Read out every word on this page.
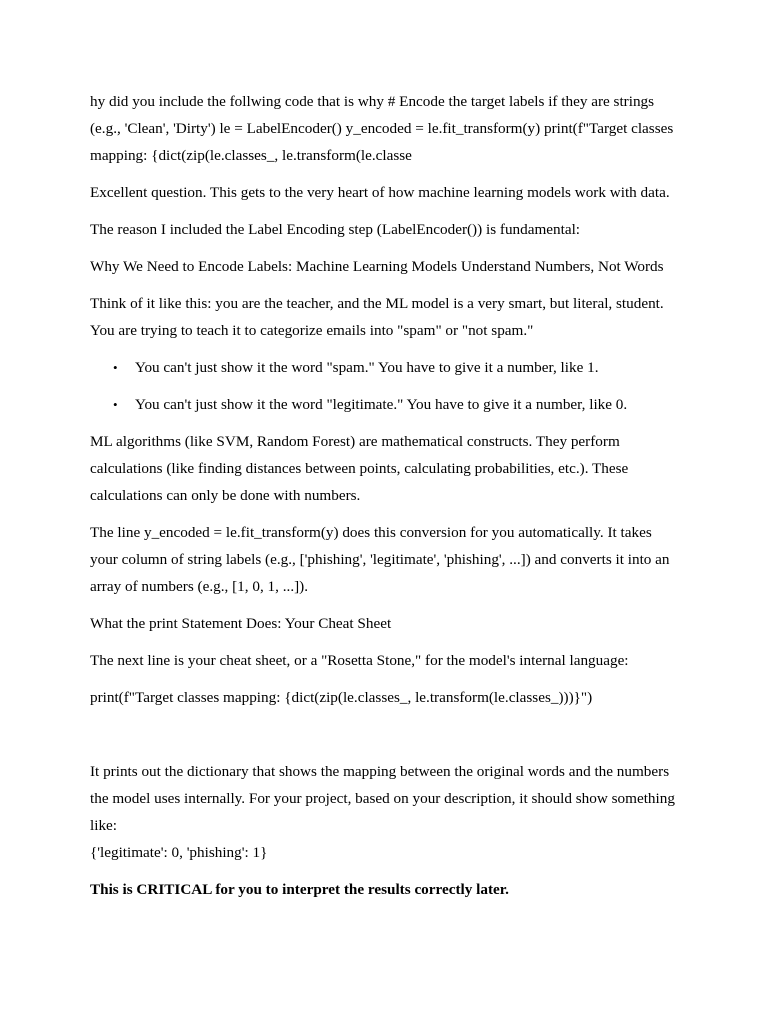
hy did you include the follwing code that is why # Encode the target labels if they are strings (e.g., 'Clean', 'Dirty') le = LabelEncoder() y_encoded = le.fit_transform(y) print(f"Target classes mapping: {dict(zip(le.classes_, le.transform(le.classe

Excellent question. This gets to the very heart of how machine learning models work with data.

The reason I included the Label Encoding step (LabelEncoder()) is fundamental:

Why We Need to Encode Labels: Machine Learning Models Understand Numbers, Not Words

Think of it like this: you are the teacher, and the ML model is a very smart, but literal, student. You are trying to teach it to categorize emails into "spam" or "not spam."

• You can't just show it the word "spam." You have to give it a number, like 1.
• You can't just show it the word "legitimate." You have to give it a number, like 0.

ML algorithms (like SVM, Random Forest) are mathematical constructs. They perform calculations (like finding distances between points, calculating probabilities, etc.). These calculations can only be done with numbers.

The line y_encoded = le.fit_transform(y) does this conversion for you automatically. It takes your column of string labels (e.g., ['phishing', 'legitimate', 'phishing', ...]) and converts it into an array of numbers (e.g., [1, 0, 1, ...]).

What the print Statement Does: Your Cheat Sheet

The next line is your cheat sheet, or a "Rosetta Stone," for the model's internal language:

print(f"Target classes mapping: {dict(zip(le.classes_, le.transform(le.classes_)))}")

It prints out the dictionary that shows the mapping between the original words and the numbers the model uses internally. For your project, based on your description, it should show something like:

{'legitimate': 0, 'phishing': 1}

This is CRITICAL for you to interpret the results correctly later.
